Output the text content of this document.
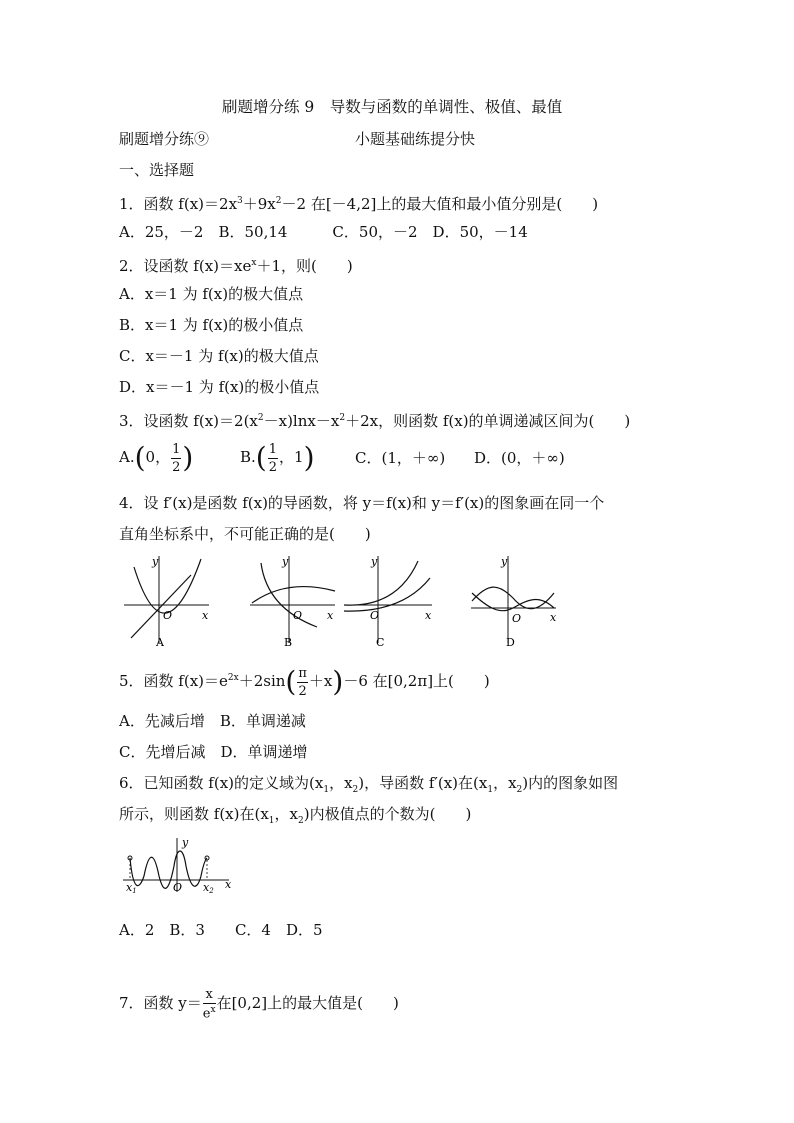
刷题增分练 9　导数与函数的单调性、极值、最值
刷题增分练⑨	小题基础练提分快
一、选择题
1．函数 $f(x)=2x^3+9x^2-2$ 在[－4,2]上的最大值和最小值分别是(　　)
A．25，－2　B．50,14　　　C．50，－2　D．50，－14
2．设函数 $f(x)=xe^x+1$，则(　　)
A．x＝1 为 f(x)的极大值点
B．x＝1 为 f(x)的极小值点
C．x＝－1 为 f(x)的极大值点
D．x＝－1 为 f(x)的极小值点
3．设函数 $f(x)=2(x^2-x)\ln x-x^2+2x$，则函数 f(x)的单调递减区间为(　　)
A.(0， $\frac{1}{2}$ )	$B.( \frac{1}{2}$ ，1)	C．(1，＋∞) D．(0，＋∞)
4．设 f′(x)是函数 f(x)的导函数，将 y＝f(x)和 y＝f′(x)的图象画在同一个
直角坐标系中，不可能正确的是(　　)
y
O	x
A
y
O x
B
y
O	x
C
y
O	x
D
5．函数 $f(x)=e^{2x}+2\sin( \frac{\pi}{2} +x)-6$ 在[0,2π]上(　　)
A．先减后增　B．单调递减
C．先增后减　D．单调递增
6．已知函数 f(x)的定义域为($x_1$，$x_2$)，导函数 f′(x)在($x_1$，$x_2$)内的图象如图
所示，则函数 f(x)在($x_1$，$x_2$)内极值点的个数为(　　)
y
O	x
x1	x2
A．2　B．3　　C．4　D．5
7．函数 $y= \frac{x}{e^x}$ 在[0,2]上的最大值是(　　)
